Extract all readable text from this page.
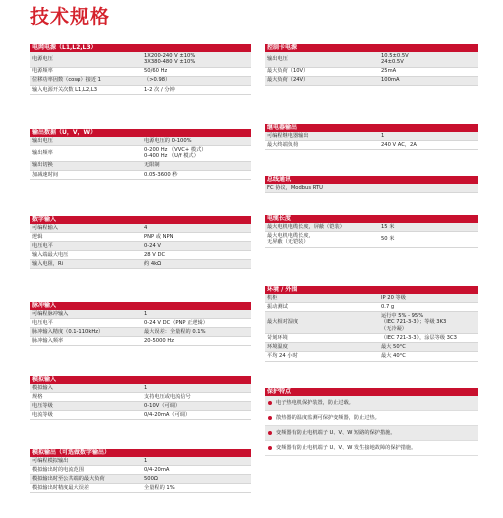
技术规格
电网电源（L1,L2,L3）
电源电压	1X200-240 V ±10%
3X380-480 V ±10%
电源频率	50/60 Hz
位移功率因数（cosφ）接近 1	（>0.98）
输入电源开关次数 L1,L2,L3	1-2 次 / 分钟
输出数据（U，V，W）
输出电压	电源电压的 0-100%
输出频率	0-200 Hz （VVC+ 模式）
0-400 Hz （U/f 模式）
输出切换	无限制
加减速时间	0.05-3600 秒
数字输入
可编程输入	4
逻辑	PNP 或 NPN
电压电平	0-24 V
输入端最大电压	28 V DC
输入电阻，Ri	约 4kΩ
脉冲输入
可编程脉冲输入	1
电压电平	0-24 V DC（PNP 正逻辑）
脉冲输入精度（0.1-110kHz）	最大误差：全量程的 0.1%
脉冲输入频率	20-5000 Hz
模拟输入
模拟输入	1
规格	支持电压或电流信号
电压等级	0-10V（可调）
电流等级	0/4-20mA（可调）
模拟输出（可选做数字输出）
可编程模拟输出	1
模拟输出时的电流范围	0/4-20mA
模拟输出时至公共端的最大负荷	500Ω
模拟输出时精度最大误差	全量程的 1%
控制卡电源
输出电压	10.5±0.5V
24±0.5V
最大负荷（10V）	25mA
最大负荷（24V）	100mA
继电器输出
可编程继电器输出	1
最大终端负荷	240 V AC，2A
总线通讯
FC 协议，Modbus RTU	
电缆长度
最大电机电缆长度，屏蔽（铠装）	15 米
最大电机电缆长度，
无屏蔽（无铠装）	50 米
环境 / 外围
机柜	IP 20 等级
振动测试	0.7 g
最大相对湿度	运行中 5% - 95%
（IEC 721-3-3）；等级 3K3
（无冷凝）
苛刻环境	（IEC 721-3-3），涂层等级 3C3
环境温度	最大 50°C
平均 24 小时	最大 40°C
保护特点
电子热电机保护装置，防止过载。
散热器的温度监测可保护变频器，防止过热。
变频器有防止电机端子 U、V、W 短路的保护措施。
变频器有防止电机端子 U、V、W 发生接地故障的保护措施。
